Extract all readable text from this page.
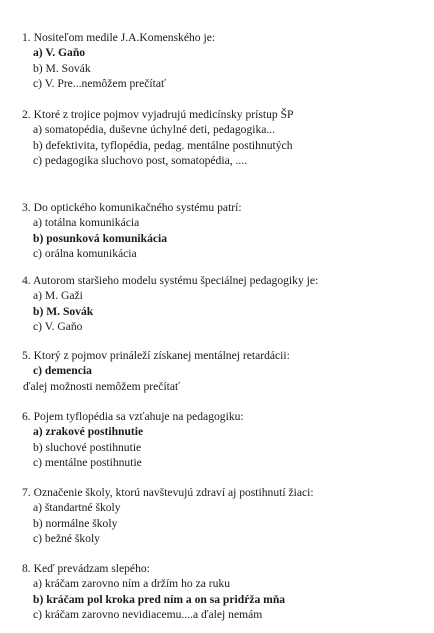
1. Nositeľom medile J.A.Komenského je:
a) V. Gaňo
b) M. Sovák
c) V. Pre...nemôžem prečítať
2. Ktoré z trojice pojmov vyjadrujú medicínsky prístup ŠP
a) somatopédia, duševne úchylné deti, pedagogika...
b) defektivita, tyflopédia, pedag. mentálne postihnutých
c) pedagogika sluchovo post, somatopédia, ....
3. Do optického komunikačného systému patrí:
a) totálna komunikácia
b) posunková komunikácia
c) orálna komunikácia
4. Autorom staršieho modelu systému špeciálnej pedagogiky je:
a) M. Gaži
b) M. Sovák
c) V. Gaňo
5. Ktorý z pojmov prináleží získanej mentálnej retardácii:
c) demencia
ďalej možnosti nemôžem prečítať
6. Pojem tyflopédia sa vzťahuje na pedagogiku:
a) zrakové postihnutie
b) sluchové postihnutie
c) mentálne postihnutie
7. Označenie školy, ktorú navštevujú zdraví aj postihnutí žiaci:
a) štandartné školy
b) normálne školy
c) bežné školy
8. Keď prevádzam slepého:
a) kráčam zarovno ním a držím ho za ruku
b) kráčam pol kroka pred ním a on sa pridŕža mňa
c) kráčam zarovno nevidiacemu....a ďalej nemám
